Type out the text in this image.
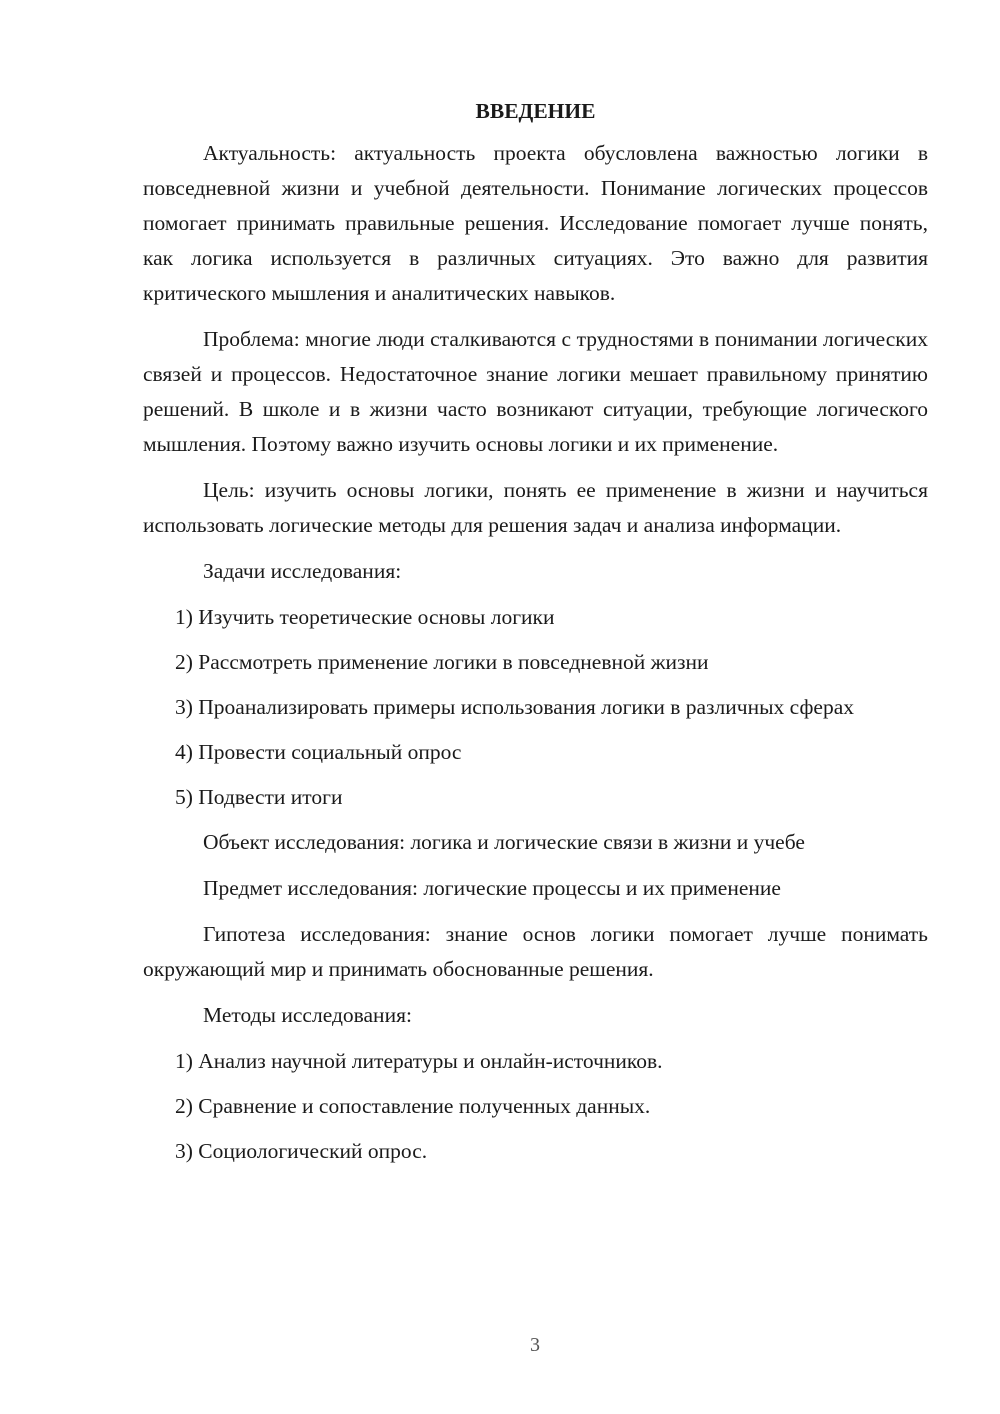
ВВЕДЕНИЕ

Актуальность: актуальность проекта обусловлена важностью логики в повседневной жизни и учебной деятельности. Понимание логических процессов помогает принимать правильные решения. Исследование помогает лучше понять, как логика используется в различных ситуациях. Это важно для развития критического мышления и аналитических навыков.

Проблема: многие люди сталкиваются с трудностями в понимании логических связей и процессов. Недостаточное знание логики мешает правильному принятию решений. В школе и в жизни часто возникают ситуации, требующие логического мышления. Поэтому важно изучить основы логики и их применение.

Цель: изучить основы логики, понять ее применение в жизни и научиться использовать логические методы для решения задач и анализа информации.

Задачи исследования:

1) Изучить теоретические основы логики

2) Рассмотреть применение логики в повседневной жизни

3) Проанализировать примеры использования логики в различных сферах

4) Провести социальный опрос

5) Подвести итоги

Объект исследования: логика и логические связи в жизни и учебе

Предмет исследования: логические процессы и их применение

Гипотеза исследования: знание основ логики помогает лучше понимать окружающий мир и принимать обоснованные решения.

Методы исследования:

1) Анализ научной литературы и онлайн-источников.

2) Сравнение и сопоставление полученных данных.

3) Социологический опрос.

3
